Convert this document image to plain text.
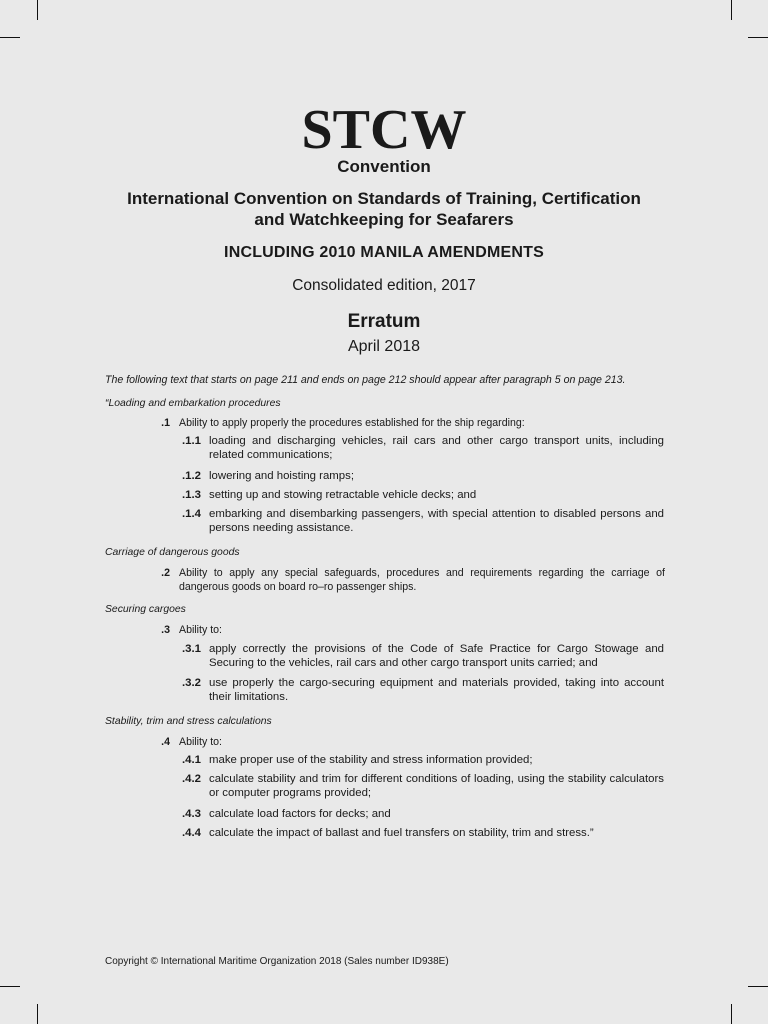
STCW
Convention
International Convention on Standards of Training, Certification
and Watchkeeping for Seafarers
INCLUDING 2010 MANILA AMENDMENTS
Consolidated edition, 2017
Erratum
April 2018
The following text that starts on page 211 and ends on page 212 should appear after paragraph 5 on page 213.
“Loading and embarkation procedures
.1 Ability to apply properly the procedures established for the ship regarding:
.1.1 loading and discharging vehicles, rail cars and other cargo transport units, including related communications;
.1.2 lowering and hoisting ramps;
.1.3 setting up and stowing retractable vehicle decks; and
.1.4 embarking and disembarking passengers, with special attention to disabled persons and persons needing assistance.
Carriage of dangerous goods
.2 Ability to apply any special safeguards, procedures and requirements regarding the carriage of dangerous goods on board ro–ro passenger ships.
Securing cargoes
.3 Ability to:
.3.1 apply correctly the provisions of the Code of Safe Practice for Cargo Stowage and Securing to the vehicles, rail cars and other cargo transport units carried; and
.3.2 use properly the cargo-securing equipment and materials provided, taking into account their limitations.
Stability, trim and stress calculations
.4 Ability to:
.4.1 make proper use of the stability and stress information provided;
.4.2 calculate stability and trim for different conditions of loading, using the stability calculators or computer programs provided;
.4.3 calculate load factors for decks; and
.4.4 calculate the impact of ballast and fuel transfers on stability, trim and stress.”
Copyright © International Maritime Organization 2018 (Sales number ID938E)
